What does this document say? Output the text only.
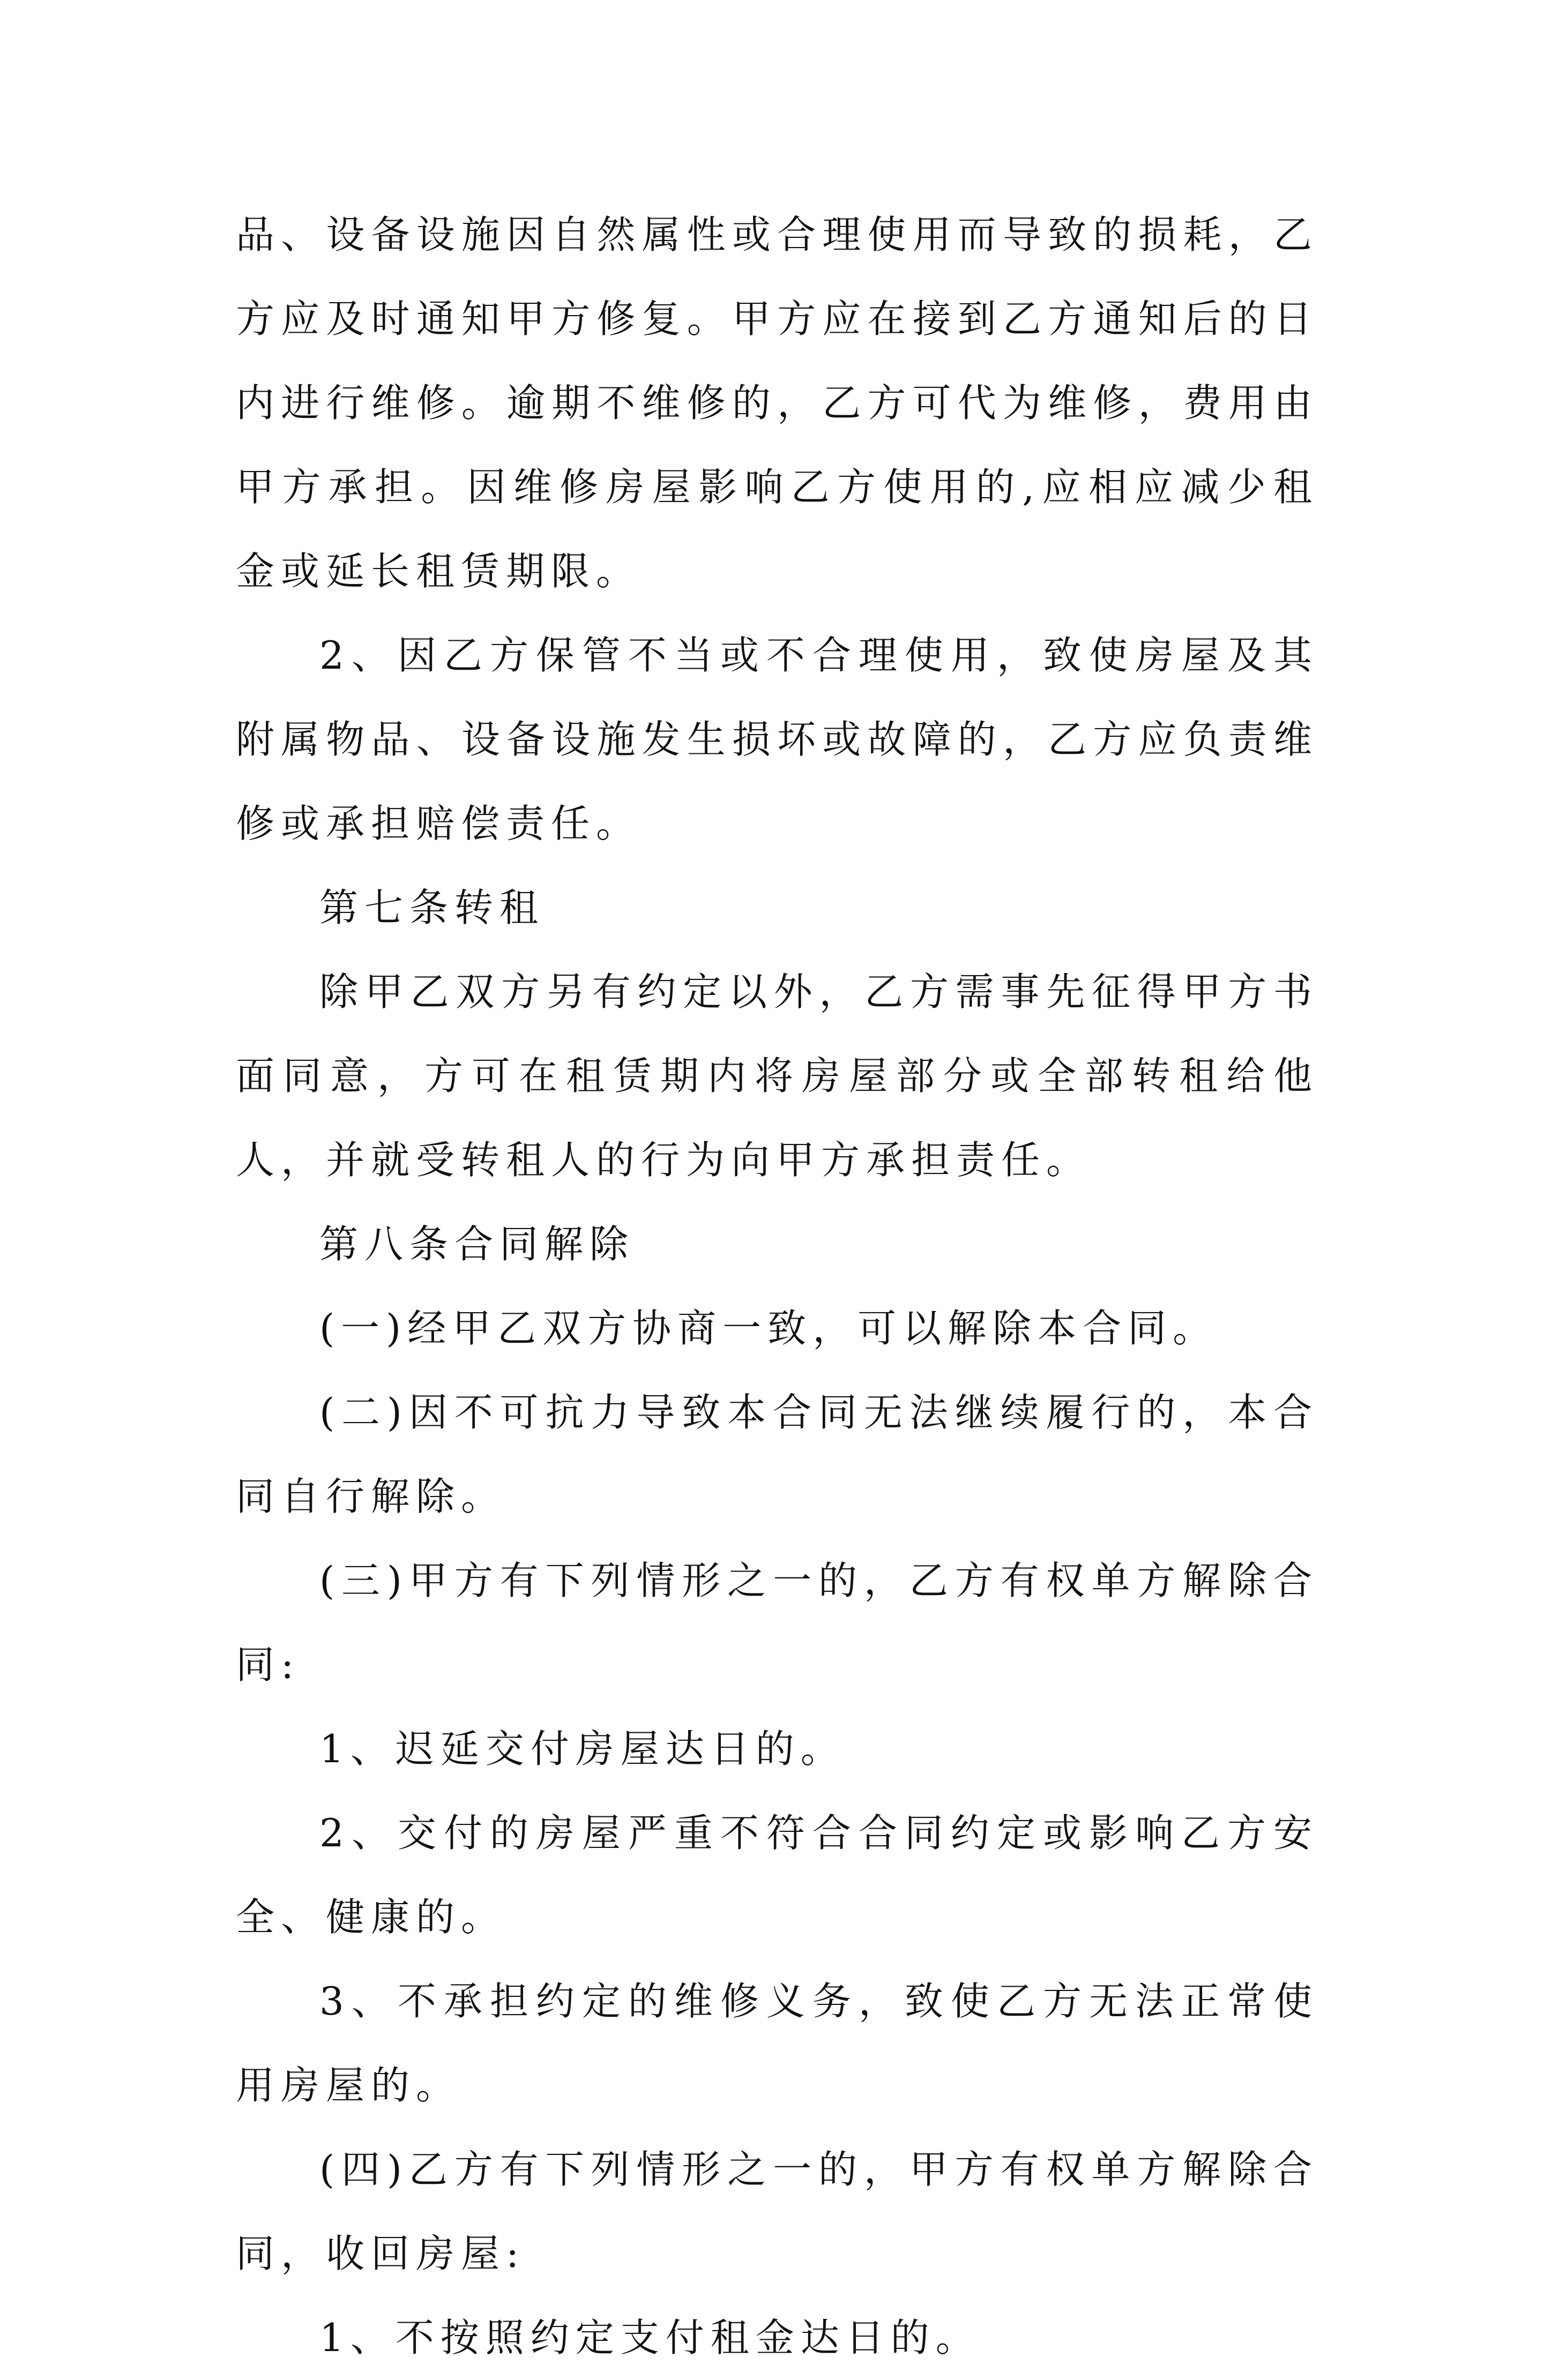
品、设备设施因自然属性或合理使用而导致的损耗，乙方应及时通知甲方修复。甲方应在接到乙方通知后的日内进行维修。逾期不维修的，乙方可代为维修，费用由甲方承担。因维修房屋影响乙方使用的,应相应减少租金或延长租赁期限。

2、因乙方保管不当或不合理使用，致使房屋及其附属物品、设备设施发生损坏或故障的，乙方应负责维修或承担赔偿责任。

第七条转租

除甲乙双方另有约定以外，乙方需事先征得甲方书面同意，方可在租赁期内将房屋部分或全部转租给他人，并就受转租人的行为向甲方承担责任。

第八条合同解除

(一)经甲乙双方协商一致，可以解除本合同。

(二)因不可抗力导致本合同无法继续履行的，本合同自行解除。

(三)甲方有下列情形之一的，乙方有权单方解除合同:

1、迟延交付房屋达日的。

2、交付的房屋严重不符合合同约定或影响乙方安全、健康的。

3、不承担约定的维修义务，致使乙方无法正常使用房屋的。

(四)乙方有下列情形之一的，甲方有权单方解除合同，收回房屋:

1、不按照约定支付租金达日的。
